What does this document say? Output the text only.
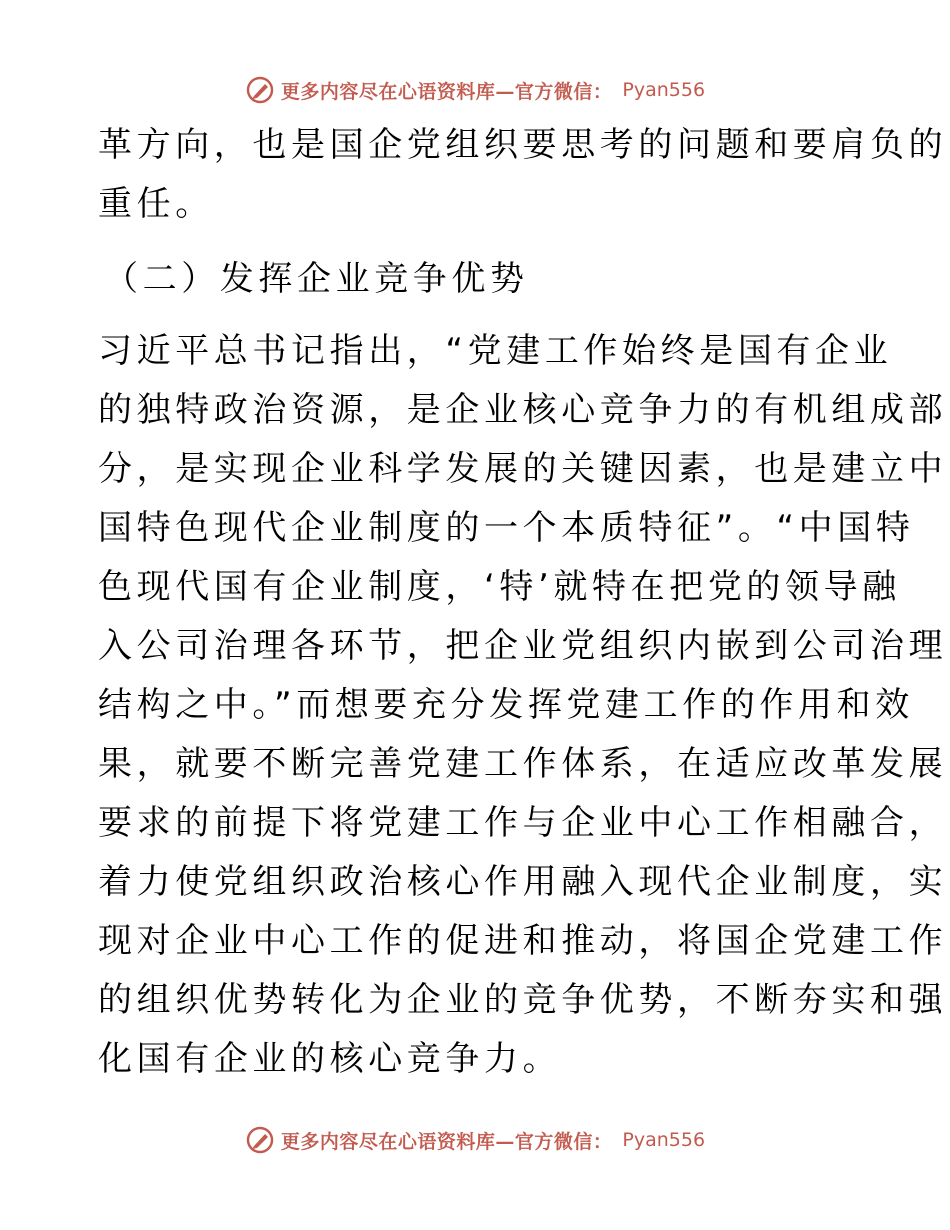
更多内容尽在心语资料库—官方微信： Pyan556

革方向，也是国企党组织要思考的问题和要肩负的
重任。

（二）发挥企业竞争优势

习近平总书记指出，“党建工作始终是国有企业
的独特政治资源，是企业核心竞争力的有机组成部
分，是实现企业科学发展的关键因素，也是建立中
国特色现代企业制度的一个本质特征”。“中国特
色现代国有企业制度，‘特’就特在把党的领导融
入公司治理各环节，把企业党组织内嵌到公司治理
结构之中。”而想要充分发挥党建工作的作用和效
果，就要不断完善党建工作体系，在适应改革发展
要求的前提下将党建工作与企业中心工作相融合，
着力使党组织政治核心作用融入现代企业制度，实
现对企业中心工作的促进和推动，将国企党建工作
的组织优势转化为企业的竞争优势，不断夯实和强
化国有企业的核心竞争力。

更多内容尽在心语资料库—官方微信： Pyan556
